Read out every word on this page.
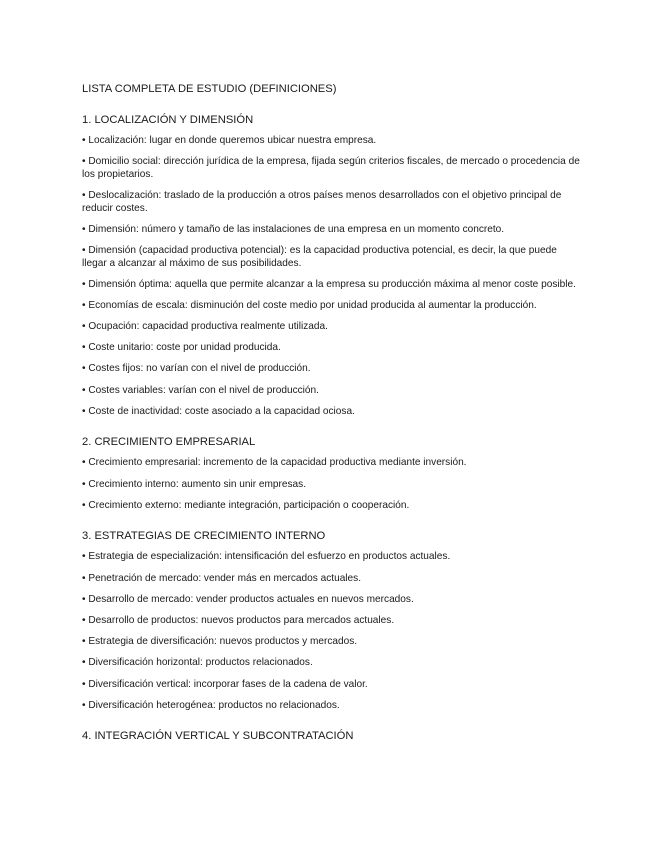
LISTA COMPLETA DE ESTUDIO (DEFINICIONES)
1. LOCALIZACIÓN Y DIMENSIÓN

• Localización: lugar en donde queremos ubicar nuestra empresa.

• Domicilio social: dirección jurídica de la empresa, fijada según criterios fiscales, de mercado o procedencia de los propietarios.

• Deslocalización: traslado de la producción a otros países menos desarrollados con el objetivo principal de reducir costes.

• Dimensión: número y tamaño de las instalaciones de una empresa en un momento concreto.

• Dimensión (capacidad productiva potencial): es la capacidad productiva potencial, es decir, la que puede llegar a alcanzar al máximo de sus posibilidades.

• Dimensión óptima: aquella que permite alcanzar a la empresa su producción máxima al menor coste posible.

• Economías de escala: disminución del coste medio por unidad producida al aumentar la producción.

• Ocupación: capacidad productiva realmente utilizada.

• Coste unitario: coste por unidad producida.

• Costes fijos: no varían con el nivel de producción.

• Costes variables: varían con el nivel de producción.

• Coste de inactividad: coste asociado a la capacidad ociosa.

2. CRECIMIENTO EMPRESARIAL

• Crecimiento empresarial: incremento de la capacidad productiva mediante inversión.

• Crecimiento interno: aumento sin unir empresas.

• Crecimiento externo: mediante integración, participación o cooperación.

3. ESTRATEGIAS DE CRECIMIENTO INTERNO

• Estrategia de especialización: intensificación del esfuerzo en productos actuales.

• Penetración de mercado: vender más en mercados actuales.

• Desarrollo de mercado: vender productos actuales en nuevos mercados.

• Desarrollo de productos: nuevos productos para mercados actuales.

• Estrategia de diversificación: nuevos productos y mercados.

• Diversificación horizontal: productos relacionados.

• Diversificación vertical: incorporar fases de la cadena de valor.

• Diversificación heterogénea: productos no relacionados.

4. INTEGRACIÓN VERTICAL Y SUBCONTRATACIÓN
